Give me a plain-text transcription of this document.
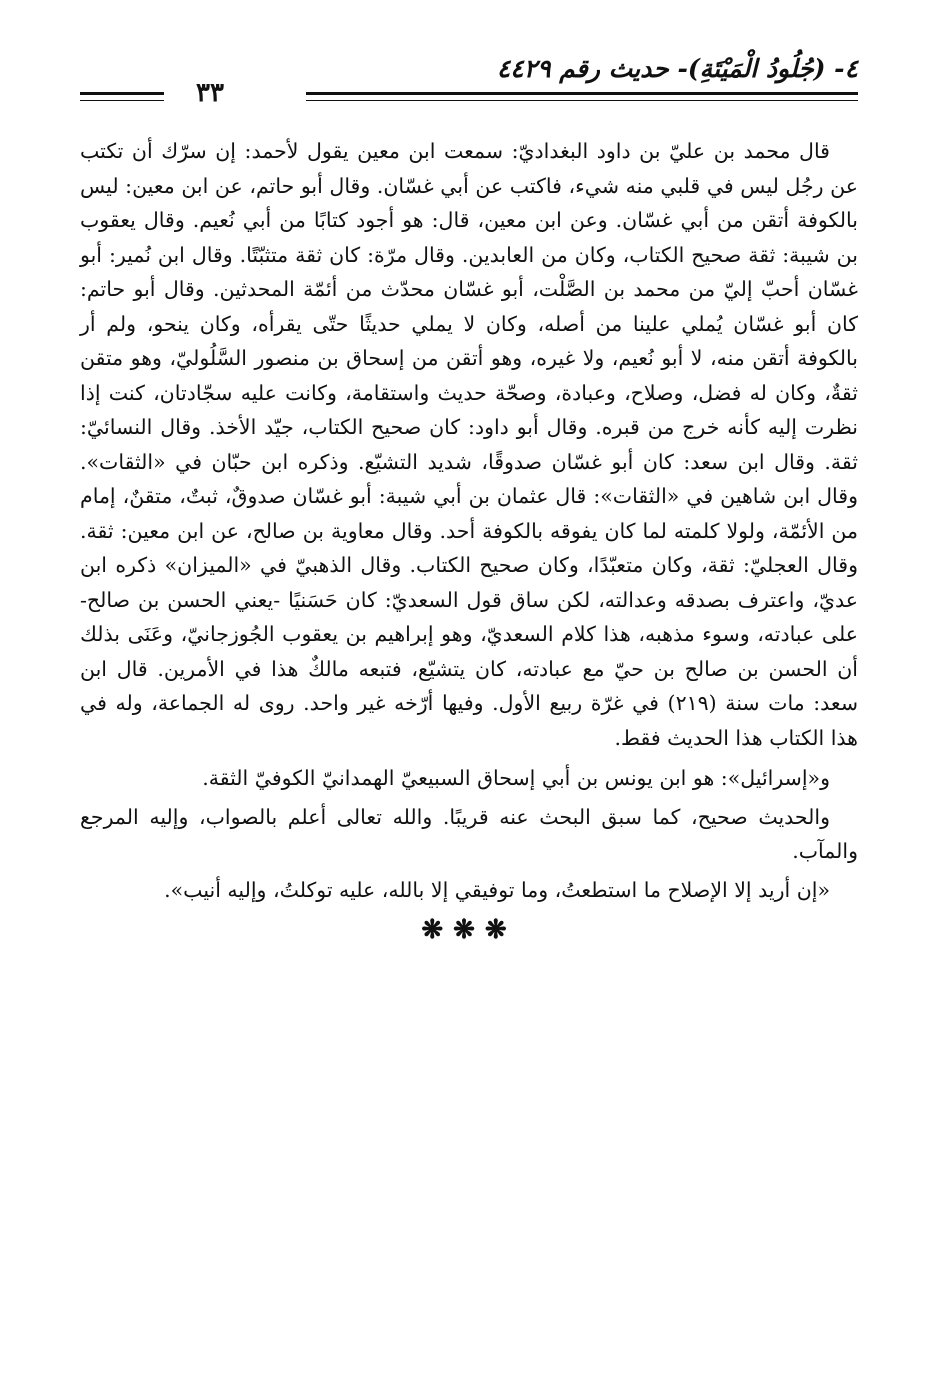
٤- (جُلُودُ الْمَيْتَةِ)- حديث رقم ٤٤٢٩
٣٣

قال محمد بن عليّ بن داود البغداديّ: سمعت ابن معين يقول لأحمد: إن سرّك أن تكتب عن رجُل ليس في قلبي منه شيء، فاكتب عن أبي غسّان. وقال أبو حاتم، عن ابن معين: ليس بالكوفة أتقن من أبي غسّان. وعن ابن معين، قال: هو أجود كتابًا من أبي نُعيم. وقال يعقوب بن شيبة: ثقة صحيح الكتاب، وكان من العابدين. وقال مرّة: كان ثقة متثبّتًا. وقال ابن نُمير: أبو غسّان أحبّ إليّ من محمد بن الصَّلْت، أبو غسّان محدّث من أئمّة المحدثين. وقال أبو حاتم: كان أبو غسّان يُملي علينا من أصله، وكان لا يملي حديثًا حتّى يقرأه، وكان ينحو، ولم أر بالكوفة أتقن منه، لا أبو نُعيم، ولا غيره، وهو أتقن من إسحاق بن منصور السَّلُوليّ، وهو متقن ثقةٌ، وكان له فضل، وصلاح، وعبادة، وصحّة حديث واستقامة، وكانت عليه سجّادتان، كنت إذا نظرت إليه كأنه خرج من قبره. وقال أبو داود: كان صحيح الكتاب، جيّد الأخذ. وقال النسائيّ: ثقة. وقال ابن سعد: كان أبو غسّان صدوقًا، شديد التشيّع. وذكره ابن حبّان في «الثقات». وقال ابن شاهين في «الثقات»: قال عثمان بن أبي شيبة: أبو غسّان صدوقٌ، ثبتٌ، متقنٌ، إمام من الأئمّة، ولولا كلمته لما كان يفوقه بالكوفة أحد. وقال معاوية بن صالح، عن ابن معين: ثقة. وقال العجليّ: ثقة، وكان متعبّدًا، وكان صحيح الكتاب. وقال الذهبيّ في «الميزان» ذكره ابن عديّ، واعترف بصدقه وعدالته، لكن ساق قول السعديّ: كان حَسَنيًا -يعني الحسن بن صالح- على عبادته، وسوء مذهبه، هذا كلام السعديّ، وهو إبراهيم بن يعقوب الجُوزجانيّ، وعَنَى بذلك أن الحسن بن صالح بن حيّ مع عبادته، كان يتشيّع، فتبعه مالكٌ هذا في الأمرين. قال ابن سعد: مات سنة (٢١٩) في غرّة ربيع الأول. وفيها أرّخه غير واحد. روى له الجماعة، وله في هذا الكتاب هذا الحديث فقط.

و«إسرائيل»: هو ابن يونس بن أبي إسحاق السبيعيّ الهمدانيّ الكوفيّ الثقة.

والحديث صحيح، كما سبق البحث عنه قريبًا. والله تعالى أعلم بالصواب، وإليه المرجع والمآب.

«إن أريد إلا الإصلاح ما استطعتُ، وما توفيقي إلا بالله، عليه توكلتُ، وإليه أنيب».

❋❋❋
